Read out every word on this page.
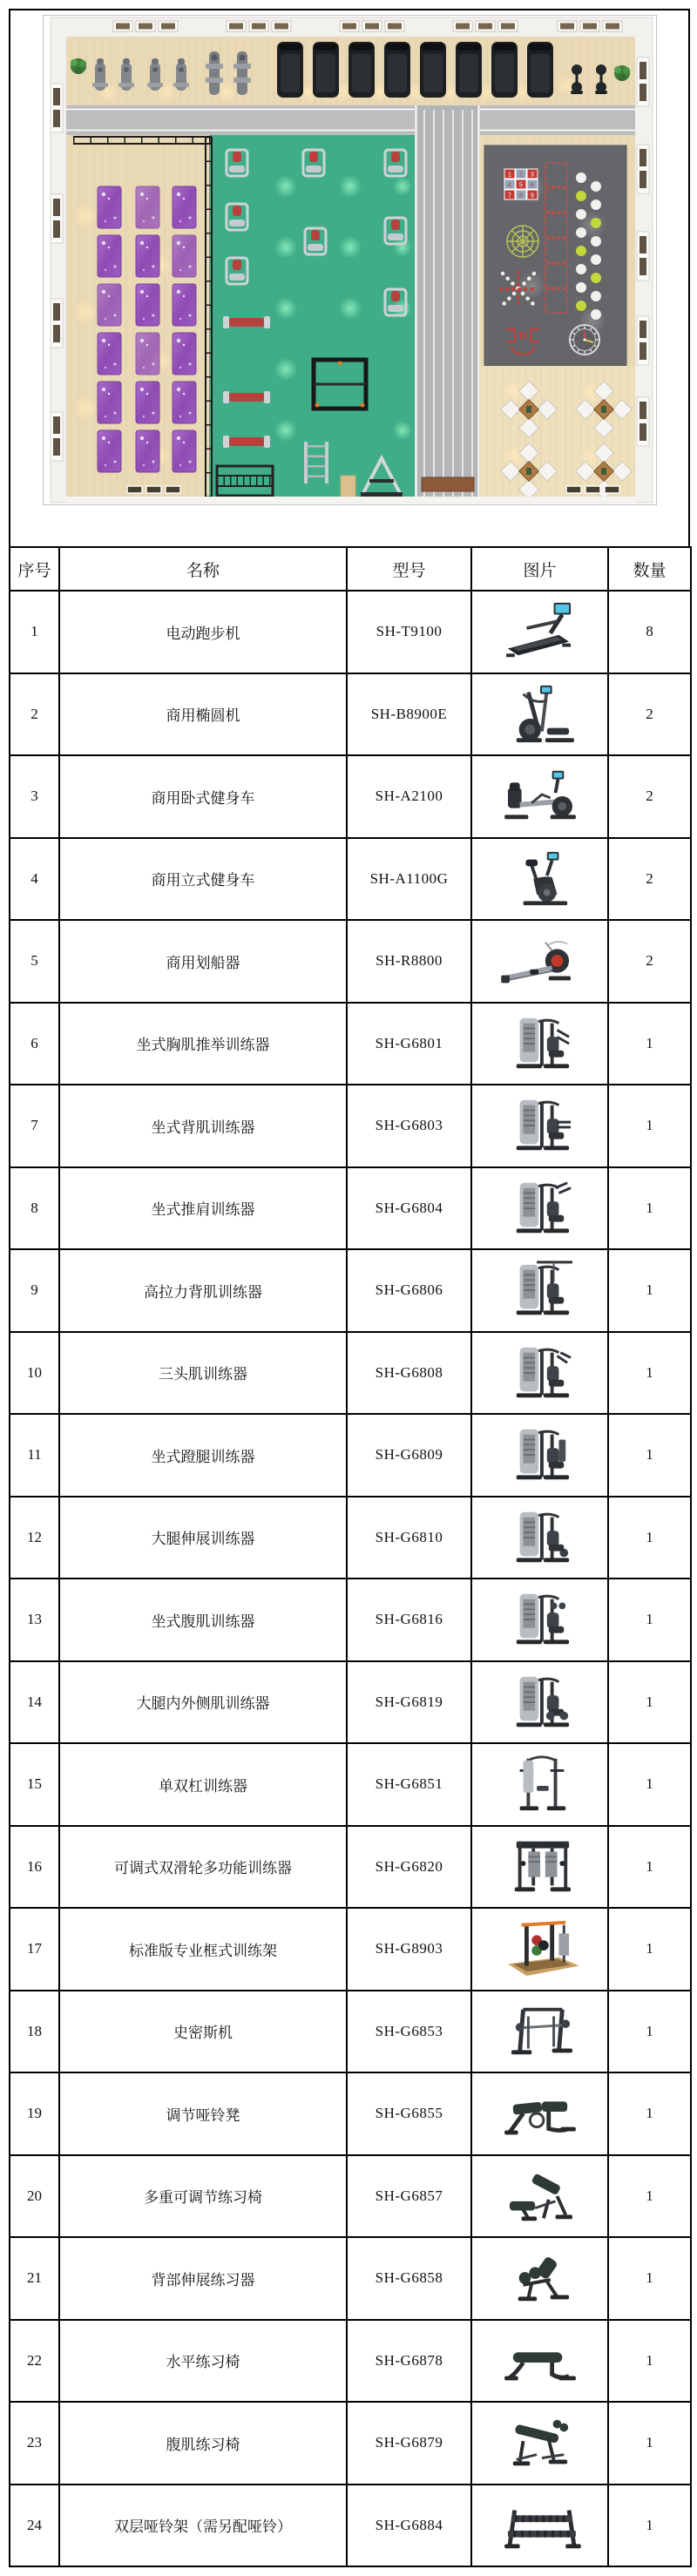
1 2 3
4 5 6
7 8 9
序号	名称	型号	图片	数量
1	电动跑步机	SH-T9100		8
2	商用椭圆机	SH-B8900E		2
3	商用卧式健身车	SH-A2100		2
4	商用立式健身车	SH-A1100G		2
5	商用划船器	SH-R8800		2
6	坐式胸肌推举训练器	SH-G6801		1
7	坐式背肌训练器	SH-G6803		1
8	坐式推肩训练器	SH-G6804		1
9	高拉力背肌训练器	SH-G6806		1
10	三头肌训练器	SH-G6808		1
11	坐式蹬腿训练器	SH-G6809		1
12	大腿伸展训练器	SH-G6810		1
13	坐式腹肌训练器	SH-G6816		1
14	大腿内外侧肌训练器	SH-G6819		1
15	单双杠训练器	SH-G6851		1
16	可调式双滑轮多功能训练器	SH-G6820		1
17	标准版专业框式训练架	SH-G8903		1
18	史密斯机	SH-G6853		1
19	调节哑铃凳	SH-G6855		1
20	多重可调节练习椅	SH-G6857		1
21	背部伸展练习器	SH-G6858		1
22	水平练习椅	SH-G6878		1
23	腹肌练习椅	SH-G6879		1
24	双层哑铃架（需另配哑铃）	SH-G6884		1
